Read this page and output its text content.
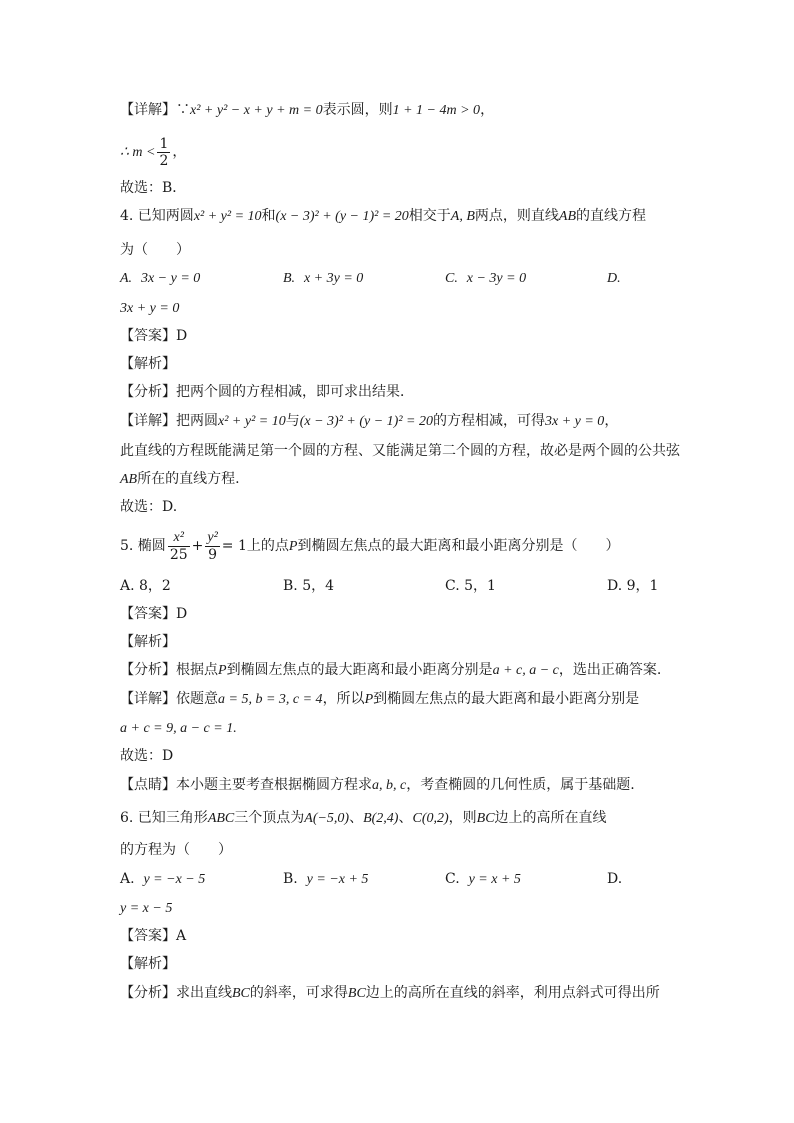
【详解】∵x² + y² − x + y + m = 0表示圆，则1 + 1 − 4m > 0，
∴ $m < \frac{1}{2}$ ，
故选：B．
4. 已知两圆x² + y² = 10和(x − 3)² + (y − 1)² = 20相交于A, B两点，则直线AB的直线方程
为（　　）
A. 3x − y = 0	B. x + 3y = 0	C. x − 3y = 0	D.
3x + y = 0
【答案】D
【解析】
【分析】把两个圆的方程相减，即可求出结果．
【详解】把两圆x² + y² = 10与(x − 3)² + (y − 1)² = 20的方程相减，可得3x + y = 0，
此直线的方程既能满足第一个圆的方程、又能满足第二个圆的方程，故必是两个圆的公共弦
AB所在的直线方程.
故选：D.
5. 椭圆 $\frac{\text{x²}}{25} + \frac{\text{y²}}{9} = 1$上的点P到椭圆左焦点的最大距离和最小距离分别是（　　）
A. 8，2	B. 5，4	C. 5，1	D. 9，1
【答案】D
【解析】
【分析】根据点P到椭圆左焦点的最大距离和最小距离分别是a + c, a − c，选出正确答案.
【详解】依题意a = 5, b = 3, c = 4，所以P到椭圆左焦点的最大距离和最小距离分别是
a + c = 9, a − c = 1.
故选：D
【点睛】本小题主要考查根据椭圆方程求a, b, c，考查椭圆的几何性质，属于基础题.
6. 已知三角形ABC三个顶点为A(−5,0)、B(2,4)、C(0,2)，则BC边上的高所在直线
的方程为（　　）
A. y = −x − 5	B. y = −x + 5	C. y = x + 5	D.
y = x − 5
【答案】A
【解析】
【分析】求出直线BC的斜率，可求得BC边上的高所在直线的斜率，利用点斜式可得出所
